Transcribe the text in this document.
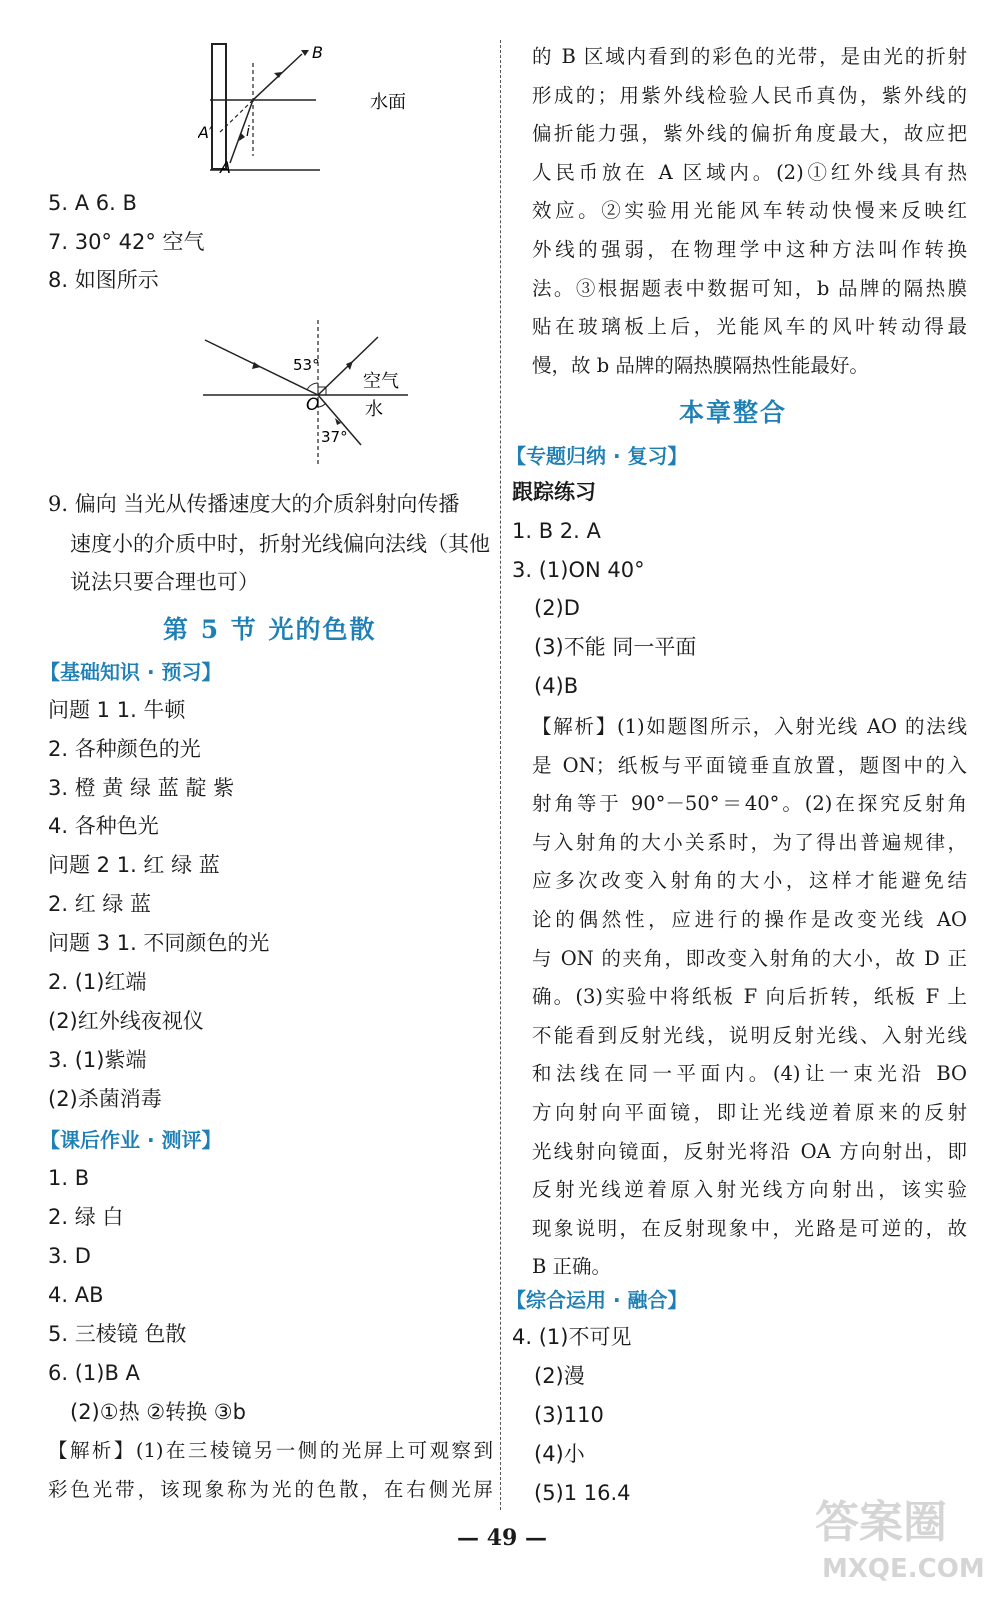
B
水面
A′
A
i
5. A 6. B
7. 30° 42° 空气
8. 如图所示
53°
空气
O	水
37°
9. 偏向 当光从传播速度大的介质斜射向传播
速度小的介质中时，折射光线偏向法线（其他
说法只要合理也可）
第 5 节 光的色散
【基础知识 · 预习】
问题 1 1. 牛顿
2. 各种颜色的光
3. 橙 黄 绿 蓝 靛 紫
4. 各种色光
问题 2 1. 红 绿 蓝
2. 红 绿 蓝
问题 3 1. 不同颜色的光
2. (1)红端
(2)红外线夜视仪
3. (1)紫端
(2)杀菌消毒
【课后作业 · 测评】
1. B
2. 绿 白
3. D
4. AB
5. 三棱镜 色散
6. (1)B A
(2)①热 ②转换 ③b
【解析】(1)在三棱镜另一侧的光屏上可观察到
彩色光带，该现象称为光的色散，在右侧光屏
的 B 区域内看到的彩色的光带，是由光的折射
形成的；用紫外线检验人民币真伪，紫外线的
偏折能力强，紫外线的偏折角度最大，故应把
人民币放在 A 区域内。(2)①红外线具有热
效应。②实验用光能风车转动快慢来反映红
外线的强弱，在物理学中这种方法叫作转换
法。③根据题表中数据可知，b 品牌的隔热膜
贴在玻璃板上后，光能风车的风叶转动得最
慢，故 b 品牌的隔热膜隔热性能最好。
本章整合
【专题归纳 · 复习】
跟踪练习
1. B 2. A
3. (1)ON 40°
(2)D
(3)不能 同一平面
(4)B
【解析】(1)如题图所示，入射光线 AO 的法线
是 ON；纸板与平面镜垂直放置，题图中的入
射角等于 90°－50°＝40°。(2)在探究反射角
与入射角的大小关系时，为了得出普遍规律，
应多次改变入射角的大小，这样才能避免结
论的偶然性，应进行的操作是改变光线 AO
与 ON 的夹角，即改变入射角的大小，故 D 正
确。(3)实验中将纸板 F 向后折转，纸板 F 上
不能看到反射光线，说明反射光线、入射光线
和法线在同一平面内。(4)让一束光沿 BO
方向射向平面镜，即让光线逆着原来的反射
光线射向镜面，反射光将沿 OA 方向射出，即
反射光线逆着原入射光线方向射出，该实验
现象说明，在反射现象中，光路是可逆的，故
B 正确。
【综合运用 · 融合】
4. (1)不可见
(2)漫
(3)110
(4)小
(5)1 16.4
— 49 —	答案圈
MXQE.COM
